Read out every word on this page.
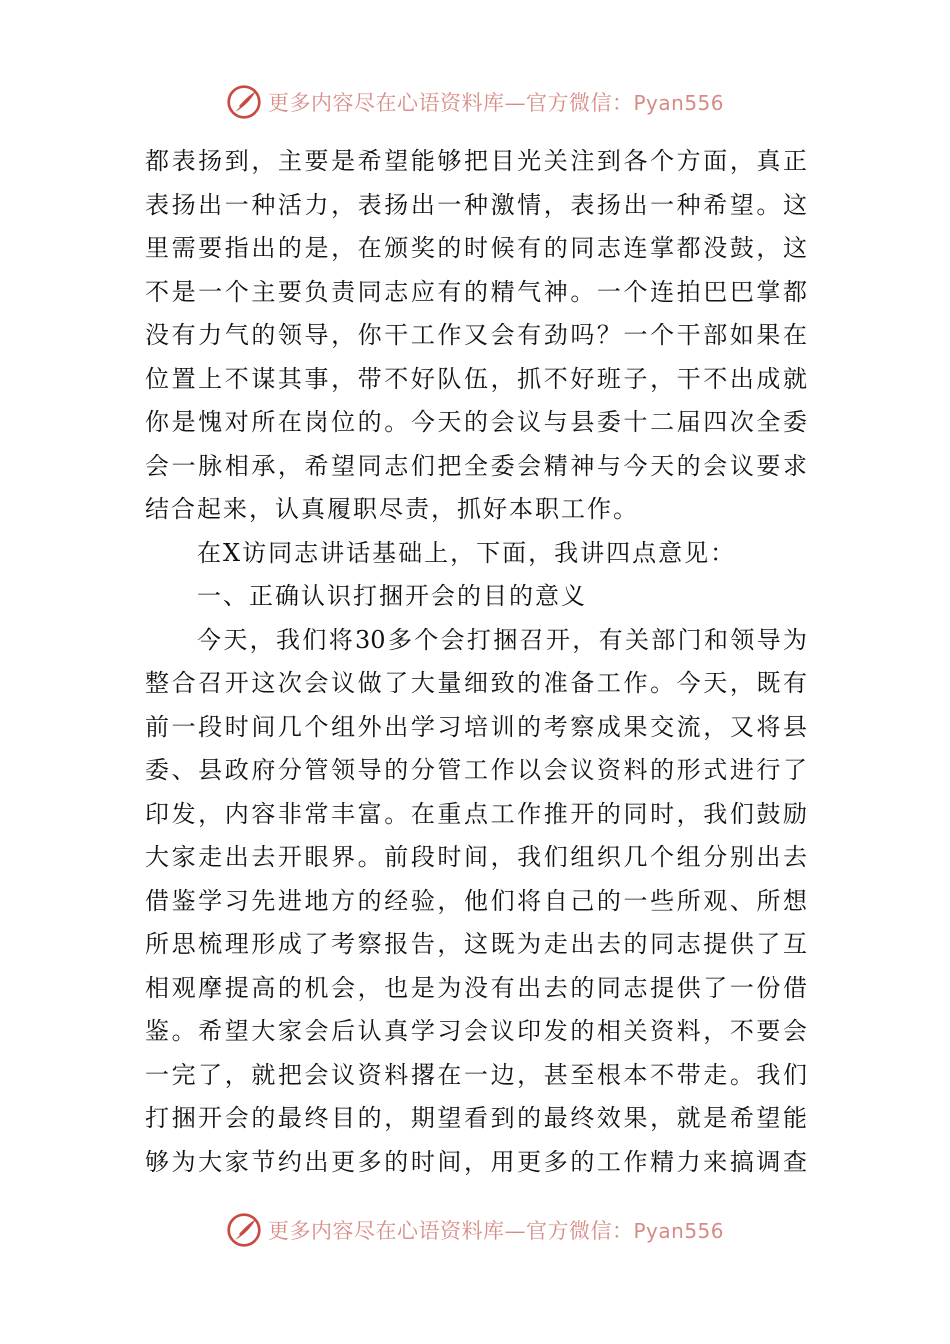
更多内容尽在心语资料库—官方微信：Pyan556
都表扬到，主要是希望能够把目光关注到各个方面，真正
表扬出一种活力，表扬出一种激情，表扬出一种希望。这
里需要指出的是，在颁奖的时候有的同志连掌都没鼓，这
不是一个主要负责同志应有的精气神。一个连拍巴巴掌都
没有力气的领导，你干工作又会有劲吗？一个干部如果在
位置上不谋其事，带不好队伍，抓不好班子，干不出成就
你是愧对所在岗位的。今天的会议与县委十二届四次全委
会一脉相承，希望同志们把全委会精神与今天的会议要求
结合起来，认真履职尽责，抓好本职工作。
在X访同志讲话基础上，下面，我讲四点意见：
一、正确认识打捆开会的目的意义
今天，我们将30多个会打捆召开，有关部门和领导为
整合召开这次会议做了大量细致的准备工作。今天，既有
前一段时间几个组外出学习培训的考察成果交流，又将县
委、县政府分管领导的分管工作以会议资料的形式进行了
印发，内容非常丰富。在重点工作推开的同时，我们鼓励
大家走出去开眼界。前段时间，我们组织几个组分别出去
借鉴学习先进地方的经验，他们将自己的一些所观、所想
所思梳理形成了考察报告，这既为走出去的同志提供了互
相观摩提高的机会，也是为没有出去的同志提供了一份借
鉴。希望大家会后认真学习会议印发的相关资料，不要会
一完了，就把会议资料撂在一边，甚至根本不带走。我们
打捆开会的最终目的，期望看到的最终效果，就是希望能
够为大家节约出更多的时间，用更多的工作精力来搞调查
更多内容尽在心语资料库—官方微信：Pyan556
